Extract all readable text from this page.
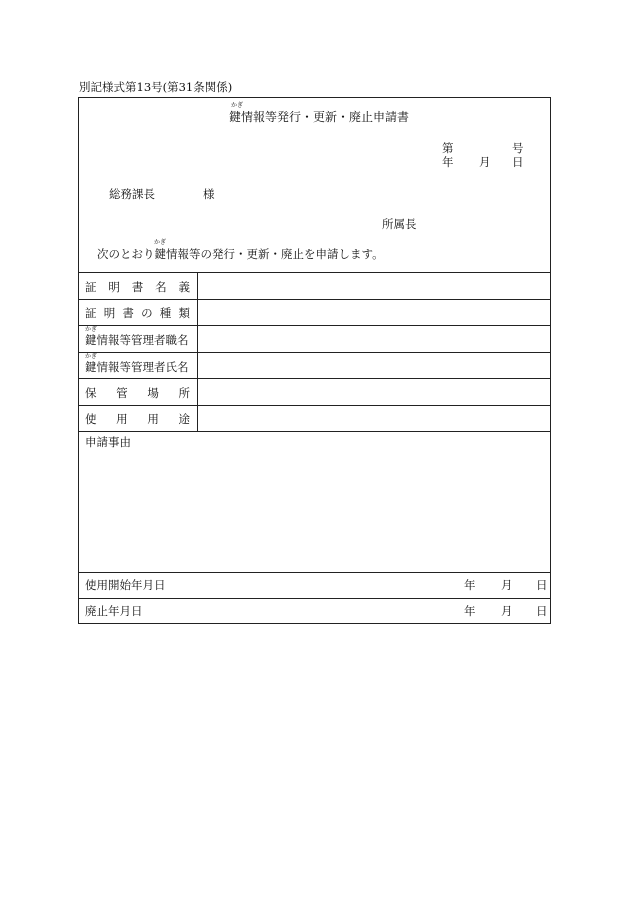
別記様式第13号(第31条関係)
かぎ
鍵情報等発行・更新・廃止申請書
第	号
年 月 日
総務課長	様
所属長
かぎ
次のとおり鍵情報等の発行・更新・廃止を申請します。
証 明 書 名 義
証 明 書 の 種 類
かぎ
鍵情報等管理者職名
かぎ
鍵情報等管理者氏名
保 管 場 所
使 用 用 途
申請事由
使用開始年月日	年 月 日
廃止年月日	年 月 日
